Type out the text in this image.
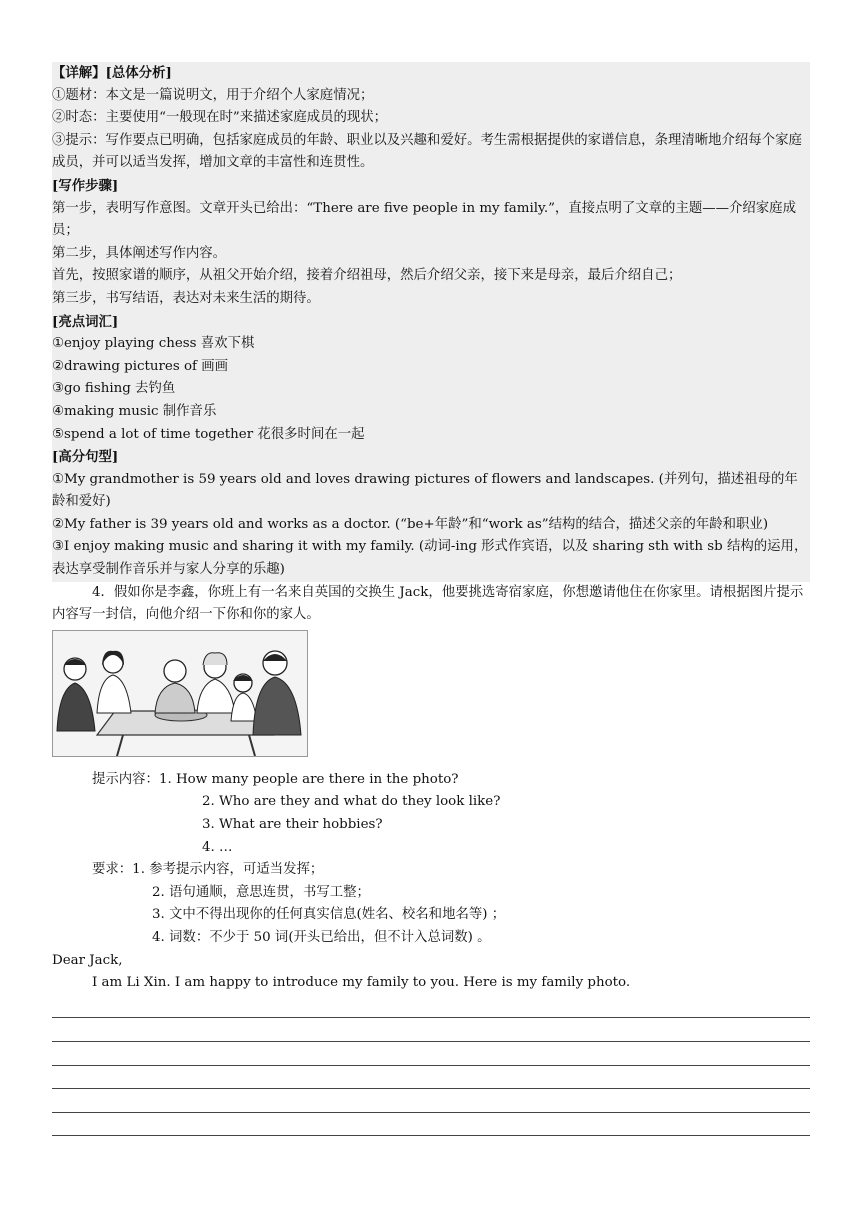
【详解】[总体分析]
①题材：本文是一篇说明文，用于介绍个人家庭情况；
②时态：主要使用“一般现在时”来描述家庭成员的现状；
③提示：写作要点已明确，包括家庭成员的年龄、职业以及兴趣和爱好。考生需根据提供的家谱信息，条理清晰地介绍每个家庭成员，并可以适当发挥，增加文章的丰富性和连贯性。
[写作步骤]
第一步，表明写作意图。文章开头已给出：“There are five people in my family.”，直接点明了文章的主题——介绍家庭成员；
第二步，具体阐述写作内容。
首先，按照家谱的顺序，从祖父开始介绍，接着介绍祖母，然后介绍父亲，接下来是母亲，最后介绍自己；
第三步，书写结语，表达对未来生活的期待。
[亮点词汇]
①enjoy playing chess 喜欢下棋
②drawing pictures of 画画
③go fishing 去钓鱼
④making music 制作音乐
⑤spend a lot of time together 花很多时间在一起
[高分句型]
①My grandmother is 59 years old and loves drawing pictures of flowers and landscapes. (并列句，描述祖母的年龄和爱好)
②My father is 39 years old and works as a doctor. (“be+年龄”和“work as”结构的结合，描述父亲的年龄和职业)
③I enjoy making music and sharing it with my family. (动词-ing 形式作宾语，以及 sharing sth with sb 结构的运用，表达享受制作音乐并与家人分享的乐趣)
4．假如你是李鑫，你班上有一名来自英国的交换生 Jack，他要挑选寄宿家庭，你想邀请他住在你家里。请根据图片提示内容写一封信，向他介绍一下你和你的家人。
提示内容：1. How many people are there in the photo?
2. Who are they and what do they look like?
3. What are their hobbies?
4. …
要求：1. 参考提示内容，可适当发挥；
2. 语句通顺，意思连贯，书写工整；
3. 文中不得出现你的任何真实信息(姓名、校名和地名等) ；
4. 词数：不少于 50 词(开头已给出，但不计入总词数) 。
Dear Jack,
I am Li Xin. I am happy to introduce my family to you. Here is my family photo.
